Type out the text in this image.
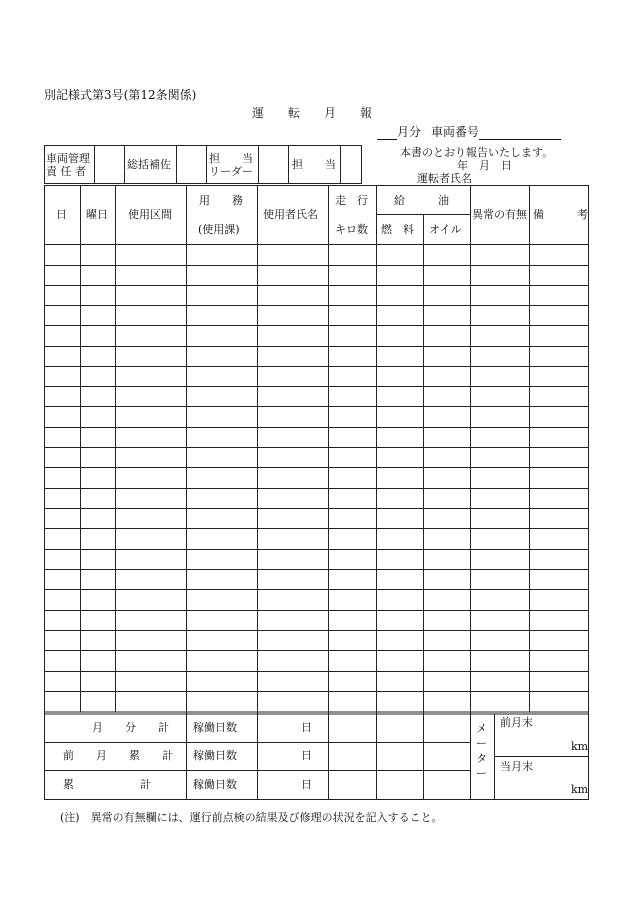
別記様式第3号(第12条関係)
運　　転　　月　　報
月分 車両番号
本書のとおり報告いたします。
年　月　日
運転者氏名
車両管理
責 任 者
総括補佐	担　　当
リーダー
担　　当
日 曜日 使用区間
用　　務
(使用課)
使用者氏名
走　行
キロ数
給　　　油
燃　料 オイル
異常の有無 備　　　考
月　　分　　計
前　　月　　累　　計
累　　　　　　計
稼働日数
稼働日数
稼働日数
日
日
日
メーター
前月末
km
当月末
km
(注)　異常の有無欄には、運行前点検の結果及び修理の状況を記入すること。
